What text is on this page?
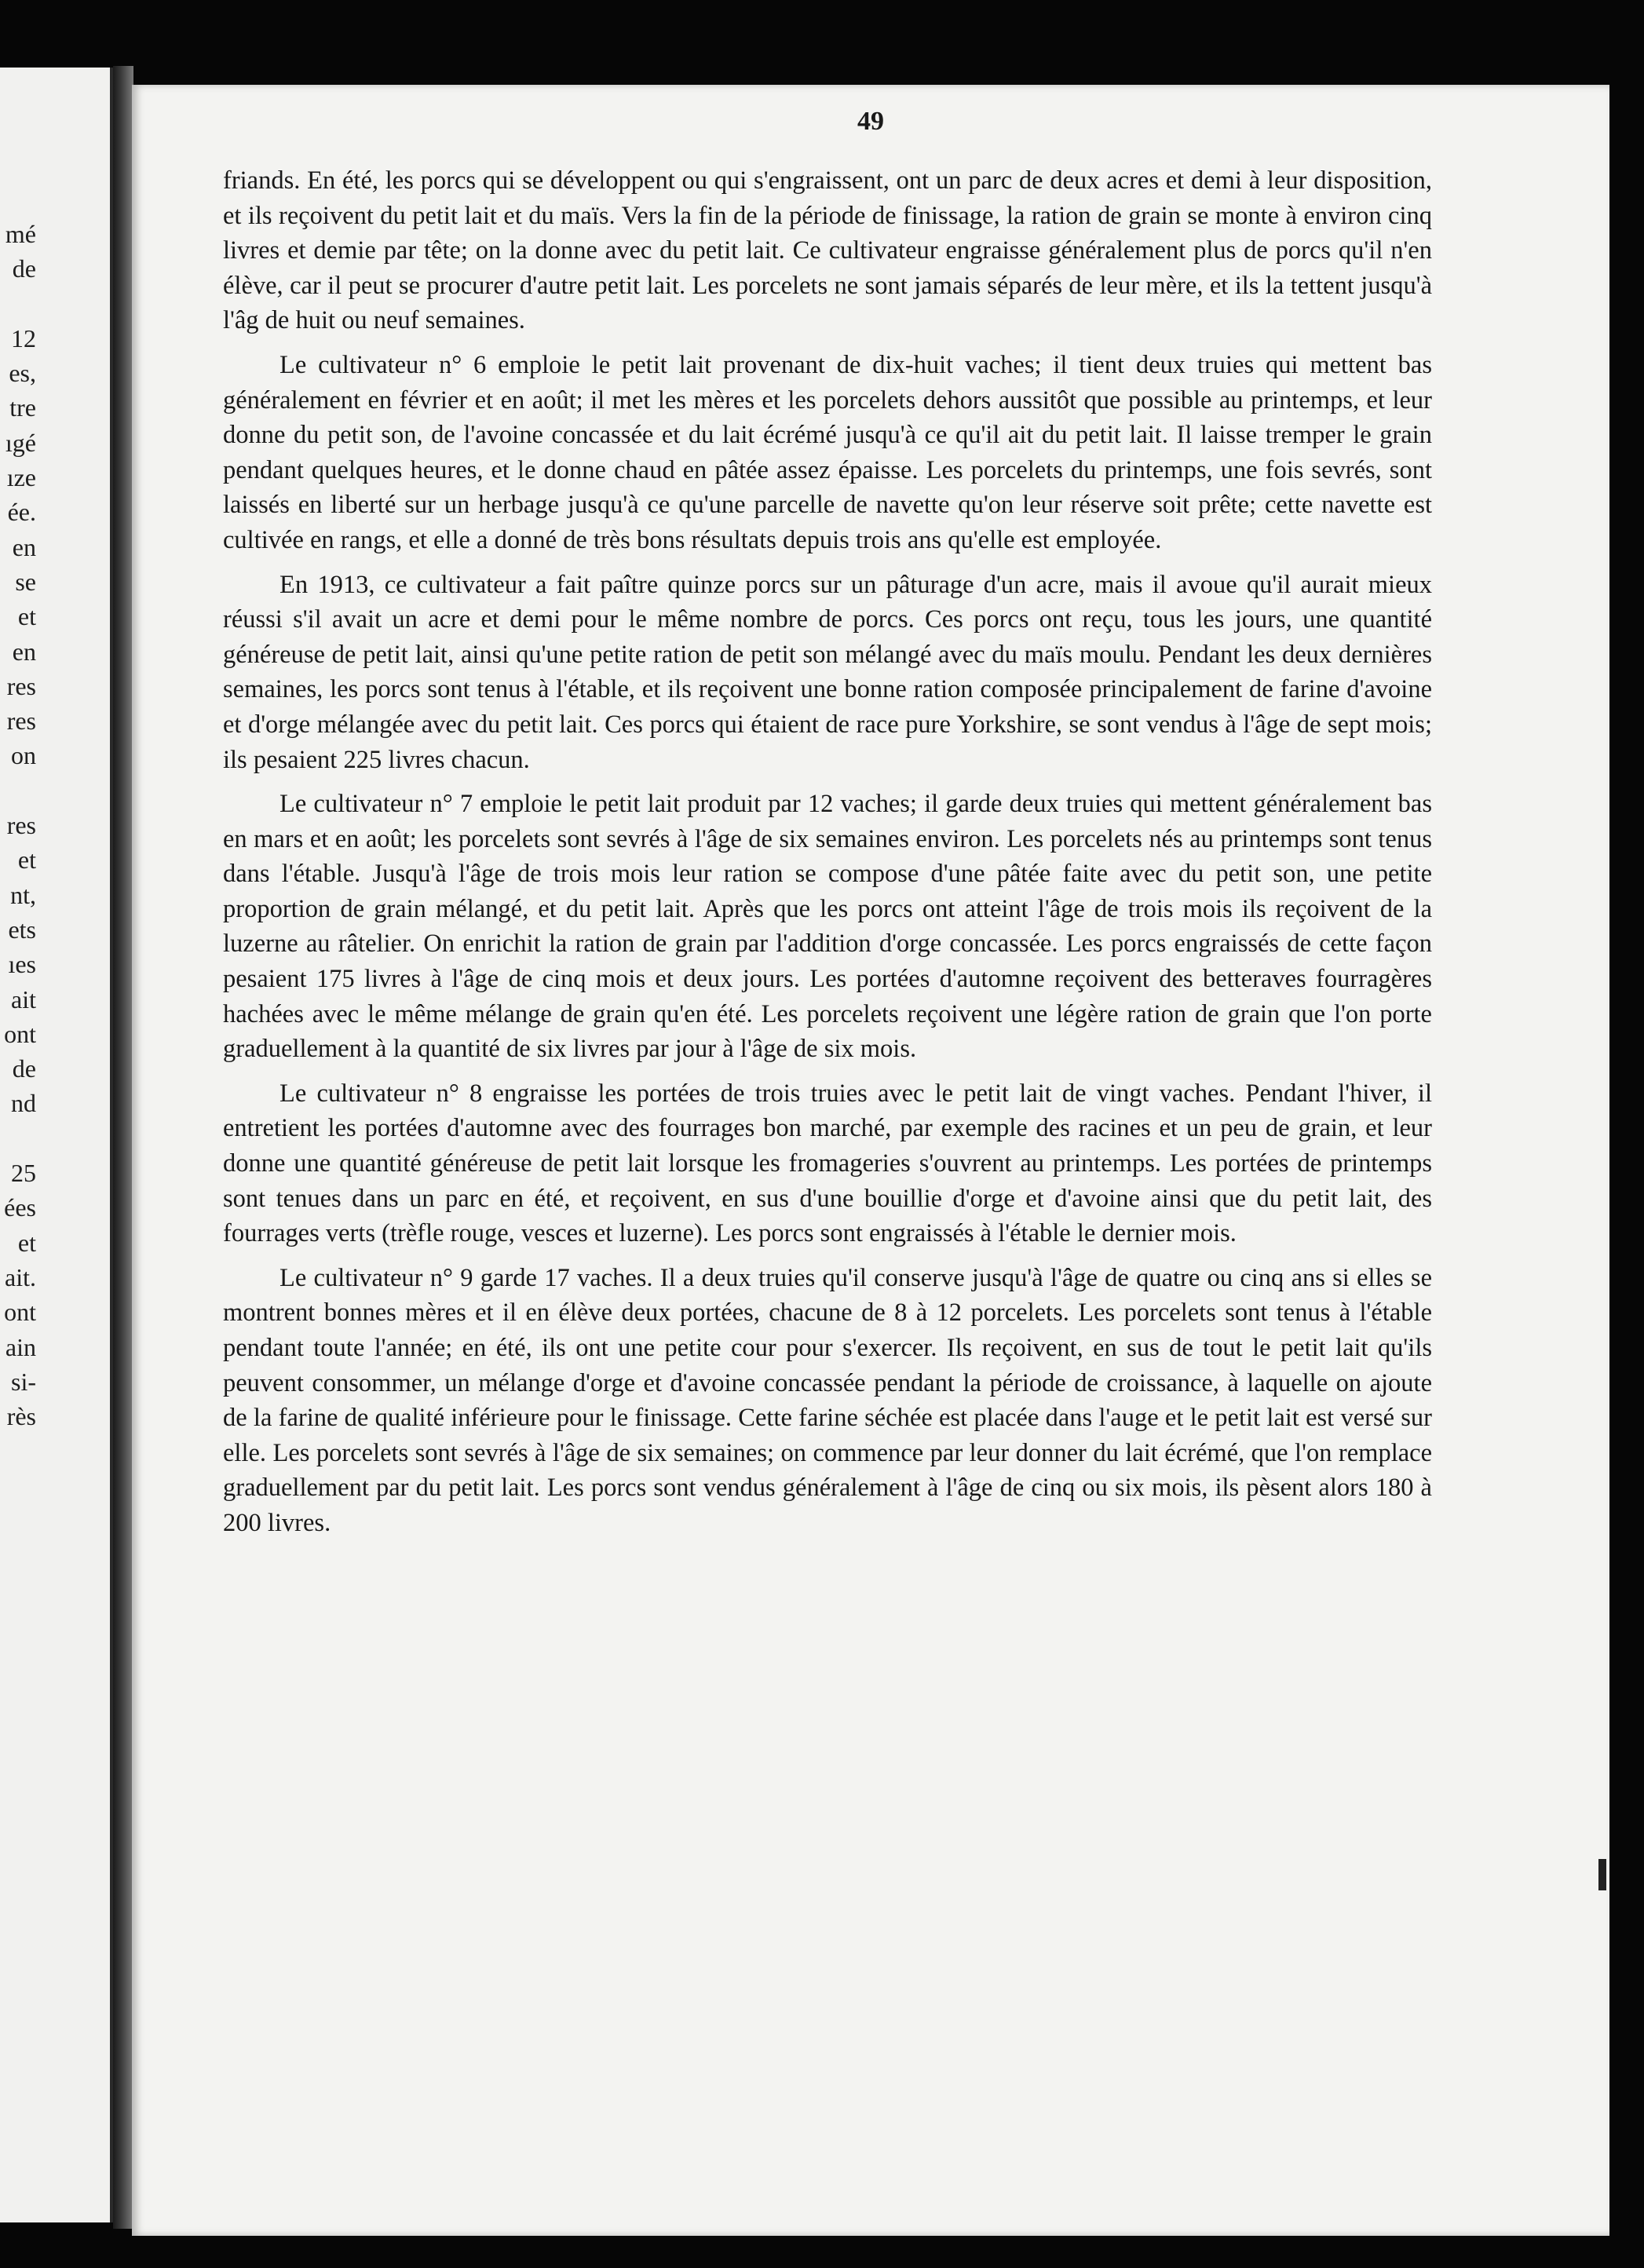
mé
de
12
es,
tre
ıgé
ıze
ée.
en
se
et
en
res
res
on
res
et
nt,
ets
ıes
ait
ont
de
nd
25
ées
et
ait.
ont
ain
si-
rès
49

friands. En été, les porcs qui se développent ou qui s'engraissent, ont un parc de deux acres et demi à leur disposition, et ils reçoivent du petit lait et du maïs. Vers la fin de la période de finissage, la ration de grain se monte à environ cinq livres et demie par tête; on la donne avec du petit lait. Ce cultivateur engraisse généralement plus de porcs qu'il n'en élève, car il peut se procurer d'autre petit lait. Les porcelets ne sont jamais séparés de leur mère, et ils la tettent jusqu'à l'âg de huit ou neuf semaines.

Le cultivateur n° 6 emploie le petit lait provenant de dix-huit vaches; il tient deux truies qui mettent bas généralement en février et en août; il met les mères et les porcelets dehors aussitôt que possible au printemps, et leur donne du petit son, de l'avoine concassée et du lait écrémé jusqu'à ce qu'il ait du petit lait. Il laisse tremper le grain pendant quelques heures, et le donne chaud en pâtée assez épaisse. Les porcelets du printemps, une fois sevrés, sont laissés en liberté sur un herbage jusqu'à ce qu'une parcelle de navette qu'on leur réserve soit prête; cette navette est cultivée en rangs, et elle a donné de très bons résultats depuis trois ans qu'elle est employée.

En 1913, ce cultivateur a fait paître quinze porcs sur un pâturage d'un acre, mais il avoue qu'il aurait mieux réussi s'il avait un acre et demi pour le même nombre de porcs. Ces porcs ont reçu, tous les jours, une quantité généreuse de petit lait, ainsi qu'une petite ration de petit son mélangé avec du maïs moulu. Pendant les deux dernières semaines, les porcs sont tenus à l'étable, et ils reçoivent une bonne ration composée principalement de farine d'avoine et d'orge mélangée avec du petit lait. Ces porcs qui étaient de race pure Yorkshire, se sont vendus à l'âge de sept mois; ils pesaient 225 livres chacun.

Le cultivateur n° 7 emploie le petit lait produit par 12 vaches; il garde deux truies qui mettent généralement bas en mars et en août; les porcelets sont sevrés à l'âge de six semaines environ. Les porcelets nés au printemps sont tenus dans l'étable. Jusqu'à l'âge de trois mois leur ration se compose d'une pâtée faite avec du petit son, une petite proportion de grain mélangé, et du petit lait. Après que les porcs ont atteint l'âge de trois mois ils reçoivent de la luzerne au râtelier. On enrichit la ration de grain par l'addition d'orge concassée. Les porcs engraissés de cette façon pesaient 175 livres à l'âge de cinq mois et deux jours. Les portées d'automne reçoivent des betteraves fourragères hachées avec le même mélange de grain qu'en été. Les porcelets reçoivent une légère ration de grain que l'on porte graduellement à la quantité de six livres par jour à l'âge de six mois.

Le cultivateur n° 8 engraisse les portées de trois truies avec le petit lait de vingt vaches. Pendant l'hiver, il entretient les portées d'automne avec des fourrages bon marché, par exemple des racines et un peu de grain, et leur donne une quantité généreuse de petit lait lorsque les fromageries s'ouvrent au printemps. Les portées de printemps sont tenues dans un parc en été, et reçoivent, en sus d'une bouillie d'orge et d'avoine ainsi que du petit lait, des fourrages verts (trèfle rouge, vesces et luzerne). Les porcs sont engraissés à l'étable le dernier mois.

Le cultivateur n° 9 garde 17 vaches. Il a deux truies qu'il conserve jusqu'à l'âge de quatre ou cinq ans si elles se montrent bonnes mères et il en élève deux portées, chacune de 8 à 12 porcelets. Les porcelets sont tenus à l'étable pendant toute l'année; en été, ils ont une petite cour pour s'exercer. Ils reçoivent, en sus de tout le petit lait qu'ils peuvent consommer, un mélange d'orge et d'avoine concassée pendant la période de croissance, à laquelle on ajoute de la farine de qualité inférieure pour le finissage. Cette farine séchée est placée dans l'auge et le petit lait est versé sur elle. Les porcelets sont sevrés à l'âge de six semaines; on commence par leur donner du lait écrémé, que l'on remplace graduellement par du petit lait. Les porcs sont vendus généralement à l'âge de cinq ou six mois, ils pèsent alors 180 à 200 livres.
